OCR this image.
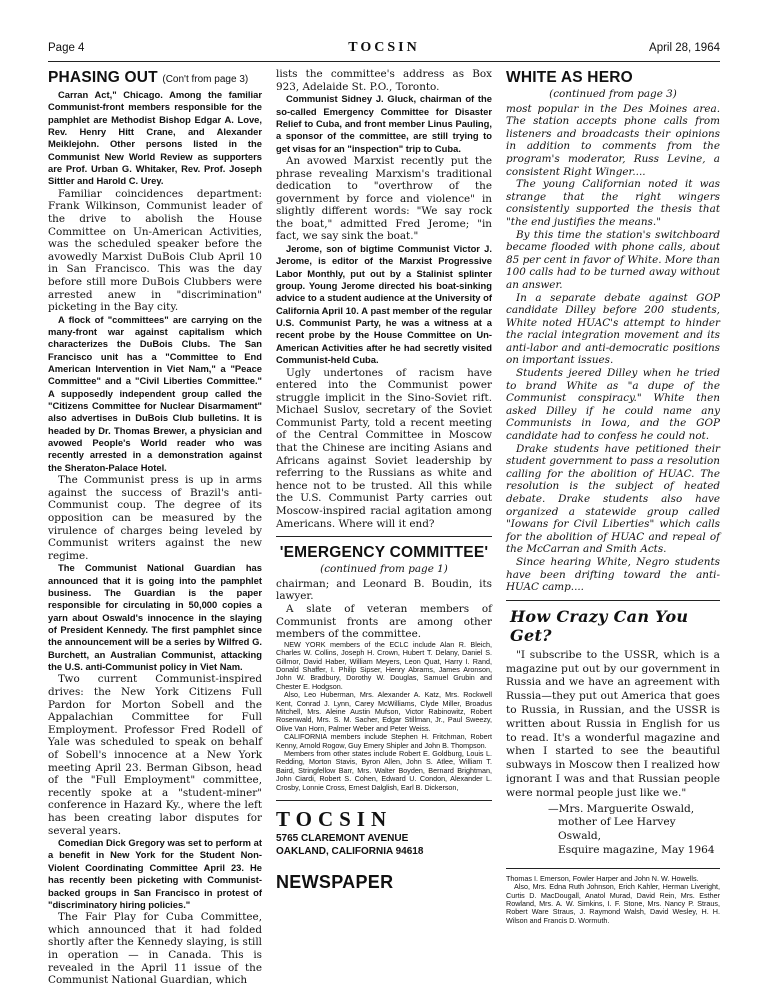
Page 4	TOCSIN	April 28, 1964
PHASING OUT (Con't from page 3)

Carran Act," Chicago. Among the familiar Communist-front members responsible for the pamphlet are Methodist Bishop Edgar A. Love, Rev. Henry Hitt Crane, and Alexander Meiklejohn. Other persons listed in the Communist New World Review as supporters are Prof. Urban G. Whitaker, Rev. Prof. Joseph Sittler and Harold C. Urey.

Familiar coincidences department: Frank Wilkinson, Communist leader of the drive to abolish the House Committee on Un-American Activities, was the scheduled speaker before the avowedly Marxist DuBois Club April 10 in San Francisco. This was the day before still more DuBois Clubbers were arrested anew in "discrimination" picketing in the Bay city.

A flock of "committees" are carrying on the many-front war against capitalism which characterizes the DuBois Clubs. The San Francisco unit has a "Committee to End American Intervention in Viet Nam," a "Peace Committee" and a "Civil Liberties Committee." A supposedly independent group called the "Citizens Committee for Nuclear Disarmament" also advertises in DuBois Club bulletins. It is headed by Dr. Thomas Brewer, a physician and avowed People's World reader who was recently arrested in a demonstration against the Sheraton-Palace Hotel.

The Communist press is up in arms against the success of Brazil's anti-Communist coup. The degree of its opposition can be measured by the virulence of charges being leveled by Communist writers against the new regime.

The Communist National Guardian has announced that it is going into the pamphlet business. The Guardian is the paper responsible for circulating in 50,000 copies a yarn about Oswald's innocence in the slaying of President Kennedy. The first pamphlet since the announcement will be a series by Wilfred G. Burchett, an Australian Communist, attacking the U.S. anti-Communist policy in Viet Nam.

Two current Communist-inspired drives: the New York Citizens Full Pardon for Morton Sobell and the Appalachian Committee for Full Employment. Professor Fred Rodell of Yale was scheduled to speak on behalf of Sobell's innocence at a New York meeting April 23. Berman Gibson, head of the "Full Employment" committee, recently spoke at a "student-miner" conference in Hazard Ky., where the left has been creating labor disputes for several years.

Comedian Dick Gregory was set to perform at a benefit in New York for the Student Non-Violent Coordinating Committee April 23. He has recently been picketing with Communist-backed groups in San Francisco in protest of "discriminatory hiring policies."

The Fair Play for Cuba Committee, which announced that it had folded shortly after the Kennedy slaying, is still in operation — in Canada. This is revealed in the April 11 issue of the Communist National Guardian, which

lists the committee's address as Box 923, Adelaide St. P.O., Toronto.

Communist Sidney J. Gluck, chairman of the so-called Emergency Committee for Disaster Relief to Cuba, and front member Linus Pauling, a sponsor of the committee, are still trying to get visas for an "inspection" trip to Cuba.

An avowed Marxist recently put the phrase revealing Marxism's traditional dedication to "overthrow of the government by force and violence" in slightly different words: "We say rock the boat," admitted Fred Jerome; "in fact, we say sink the boat."

Jerome, son of bigtime Communist Victor J. Jerome, is editor of the Marxist Progressive Labor Monthly, put out by a Stalinist splinter group. Young Jerome directed his boat-sinking advice to a student audience at the University of California April 10. A past member of the regular U.S. Communist Party, he was a witness at a recent probe by the House Committee on Un-American Activities after he had secretly visited Communist-held Cuba.

Ugly undertones of racism have entered into the Communist power struggle implicit in the Sino-Soviet rift. Michael Suslov, secretary of the Soviet Communist Party, told a recent meeting of the Central Committee in Moscow that the Chinese are inciting Asians and Africans against Soviet leadership by referring to the Russians as white and hence not to be trusted. All this while the U.S. Communist Party carries out Moscow-inspired racial agitation among Americans. Where will it end?

'EMERGENCY COMMITTEE'

(continued from page 1)

chairman; and Leonard B. Boudin, its lawyer.

A slate of veteran members of Communist fronts are among other members of the committee.

NEW YORK members of the ECLC include Alan R. Bleich, Charles W. Collins, Joseph H. Crown, Hubert T. Delany, Daniel S. Gillmor, David Haber, William Meyers, Leon Quat, Harry I. Rand, Donald Shaffer, I. Philip Sipser, Henry Abrams, James Aronson, John W. Bradbury, Dorothy W. Douglas, Samuel Grubin and Chester E. Hodgson.

Also, Leo Huberman, Mrs. Alexander A. Katz, Mrs. Rockwell Kent, Conrad J. Lynn, Carey McWilliams, Clyde Miller, Broadus Mitchell, Mrs. Aleine Austin Mufson, Victor Rabinowitz, Robert Rosenwald, Mrs. S. M. Sacher, Edgar Stillman, Jr., Paul Sweezy, Olive Van Horn, Palmer Weber and Peter Weiss.

CALIFORNIA members include Stephen H. Fritchman, Robert Kenny, Arnold Rogow, Guy Emery Shipler and John B. Thompson.

Members from other states include Robert E. Goldburg, Louis L. Redding, Morton Stavis, Byron Allen, John S. Atlee, William T. Baird, Stringfellow Barr, Mrs. Walter Boyden, Bernard Brightman, John Ciardi, Robert S. Cohen, Edward U. Condon, Alexander L. Crosby, Lonnie Cross, Ernest Dalglish, Earl B. Dickerson,

TOCSIN
5765 CLAREMONT AVENUE
OAKLAND, CALIFORNIA 94618
NEWSPAPER
WHITE AS HERO

(continued from page 3)

most popular in the Des Moines area. The station accepts phone calls from listeners and broadcasts their opinions in addition to comments from the program's moderator, Russ Levine, a consistent Right Winger....

The young Californian noted it was strange that the right wingers consistently supported the thesis that "the end justifies the means."

By this time the station's switchboard became flooded with phone calls, about 85 per cent in favor of White. More than 100 calls had to be turned away without an answer.

In a separate debate against GOP candidate Dilley before 200 students, White noted HUAC's attempt to hinder the racial integration movement and its anti-labor and anti-democratic positions on important issues.

Students jeered Dilley when he tried to brand White as "a dupe of the Communist conspiracy." White then asked Dilley if he could name any Communists in Iowa, and the GOP candidate had to confess he could not.

Drake students have petitioned their student government to pass a resolution calling for the abolition of HUAC. The resolution is the subject of heated debate. Drake students also have organized a statewide group called "Iowans for Civil Liberties" which calls for the abolition of HUAC and repeal of the McCarran and Smith Acts.

Since hearing White, Negro students have been drifting toward the anti-HUAC camp....

How Crazy Can You Get?

"I subscribe to the USSR, which is a magazine put out by our government in Russia and we have an agreement with Russia—they put out America that goes to Russia, in Russian, and the USSR is written about Russia in English for us to read. It's a wonderful magazine and when I started to see the beautiful subways in Moscow then I realized how ignorant I was and that Russian people were normal people just like we."

—Mrs. Marguerite Oswald,
mother of Lee Harvey Oswald,
Esquire magazine, May 1964

Thomas I. Emerson, Fowler Harper and John N. W. Howells.

Also, Mrs. Edna Ruth Johnson, Erich Kahler, Herman Liveright, Curtis D. MacDougall, Anatol Murad, David Rein, Mrs. Esther Rowland, Mrs. A. W. Simkins, I. F. Stone, Mrs. Nancy P. Straus, Robert Ware Straus, J. Raymond Walsh, David Wesley, H. H. Wilson and Francis D. Wormuth.
